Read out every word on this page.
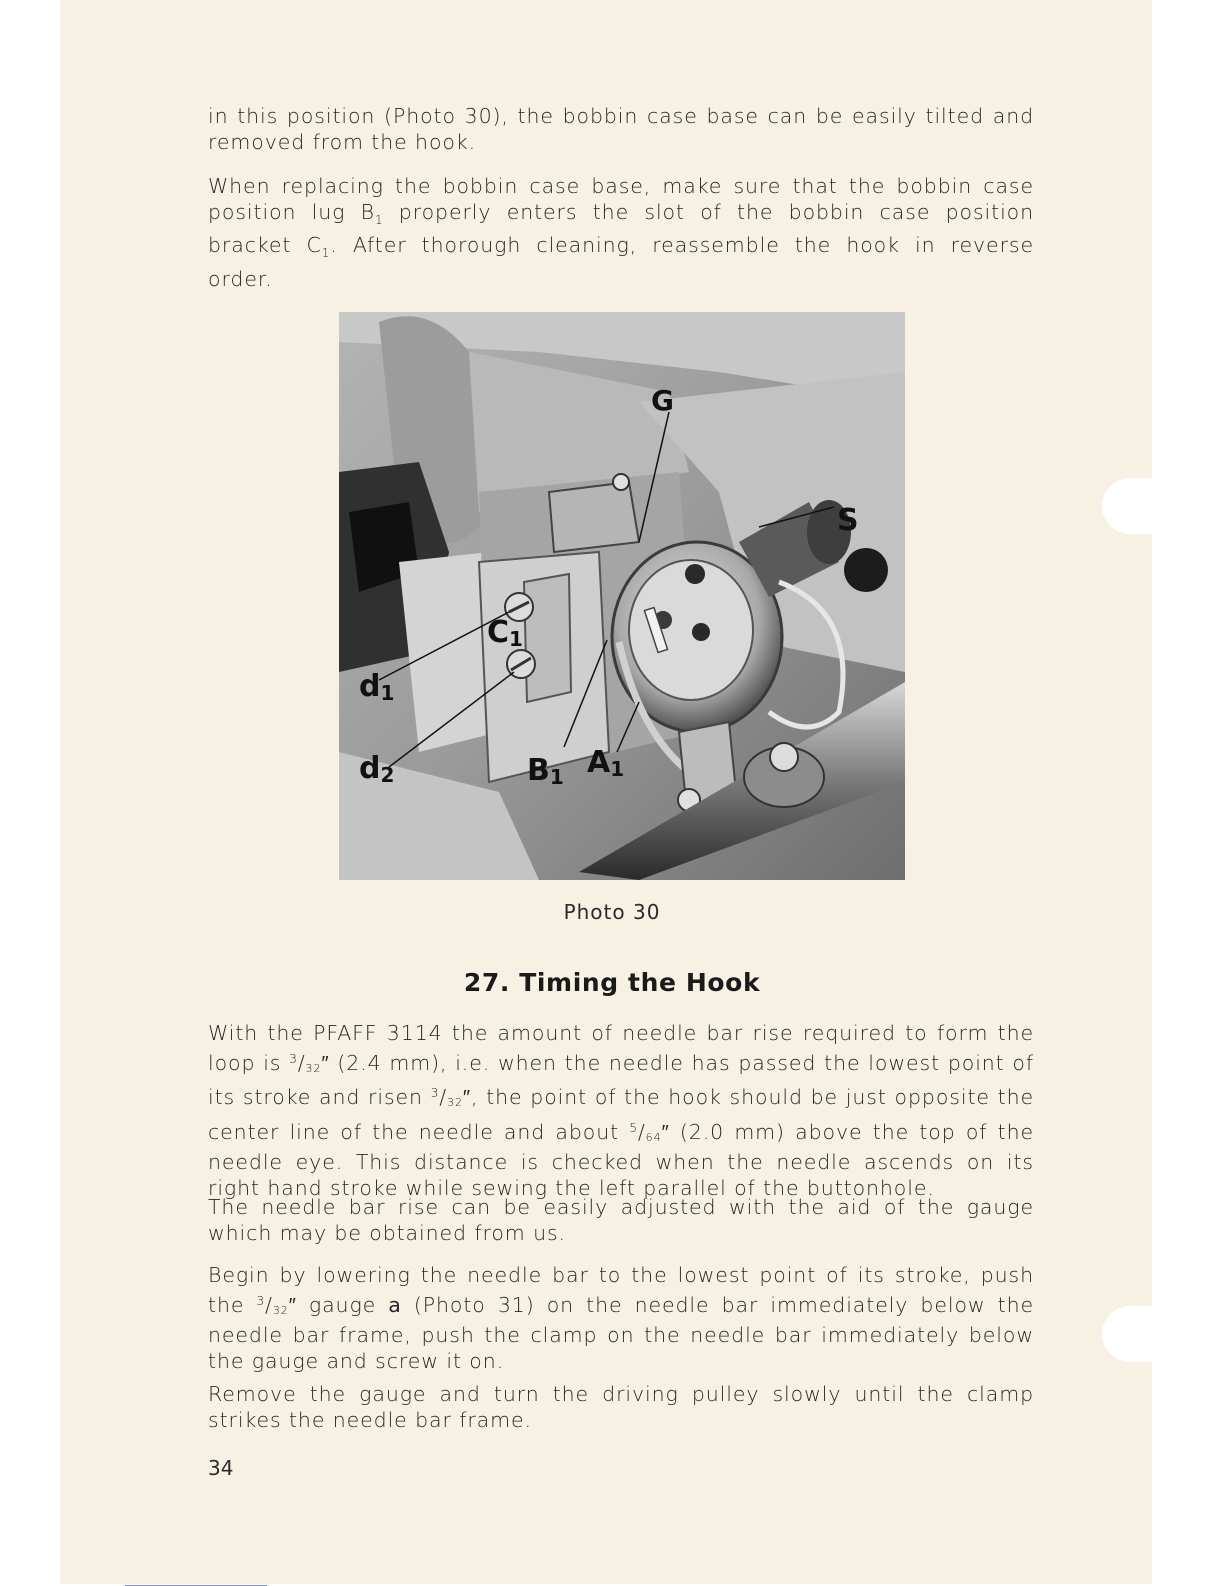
in this position (Photo 30), the bobbin case base can be easily tilted and removed from the hook.

When replacing the bobbin case base, make sure that the bobbin case position lug $B_1$ properly enters the slot of the bobbin case position bracket $C_1$. After thorough cleaning, reassemble the hook in reverse order.

G
S
C1
d1
d2	B1 A1
Photo 30
27. Timing the Hook

With the PFAFF 3114 the amount of needle bar rise required to form the loop is $^3/_{32}''$ (2.4 mm), i.e. when the needle has passed the lowest point of its stroke and risen $^3/_{32}''$, the point of the hook should be just opposite the center line of the needle and about $^5/_{64}''$ (2.0 mm) above the top of the needle eye. This distance is checked when the needle ascends on its right hand stroke while sewing the left parallel of the buttonhole.

The needle bar rise can be easily adjusted with the aid of the gauge which may be obtained from us.

Begin by lowering the needle bar to the lowest point of its stroke, push the $^3/_{32}''$ gauge a (Photo 31) on the needle bar immediately below the needle bar frame, push the clamp on the needle bar immediately below the gauge and screw it on.

Remove the gauge and turn the driving pulley slowly until the clamp strikes the needle bar frame.

34
